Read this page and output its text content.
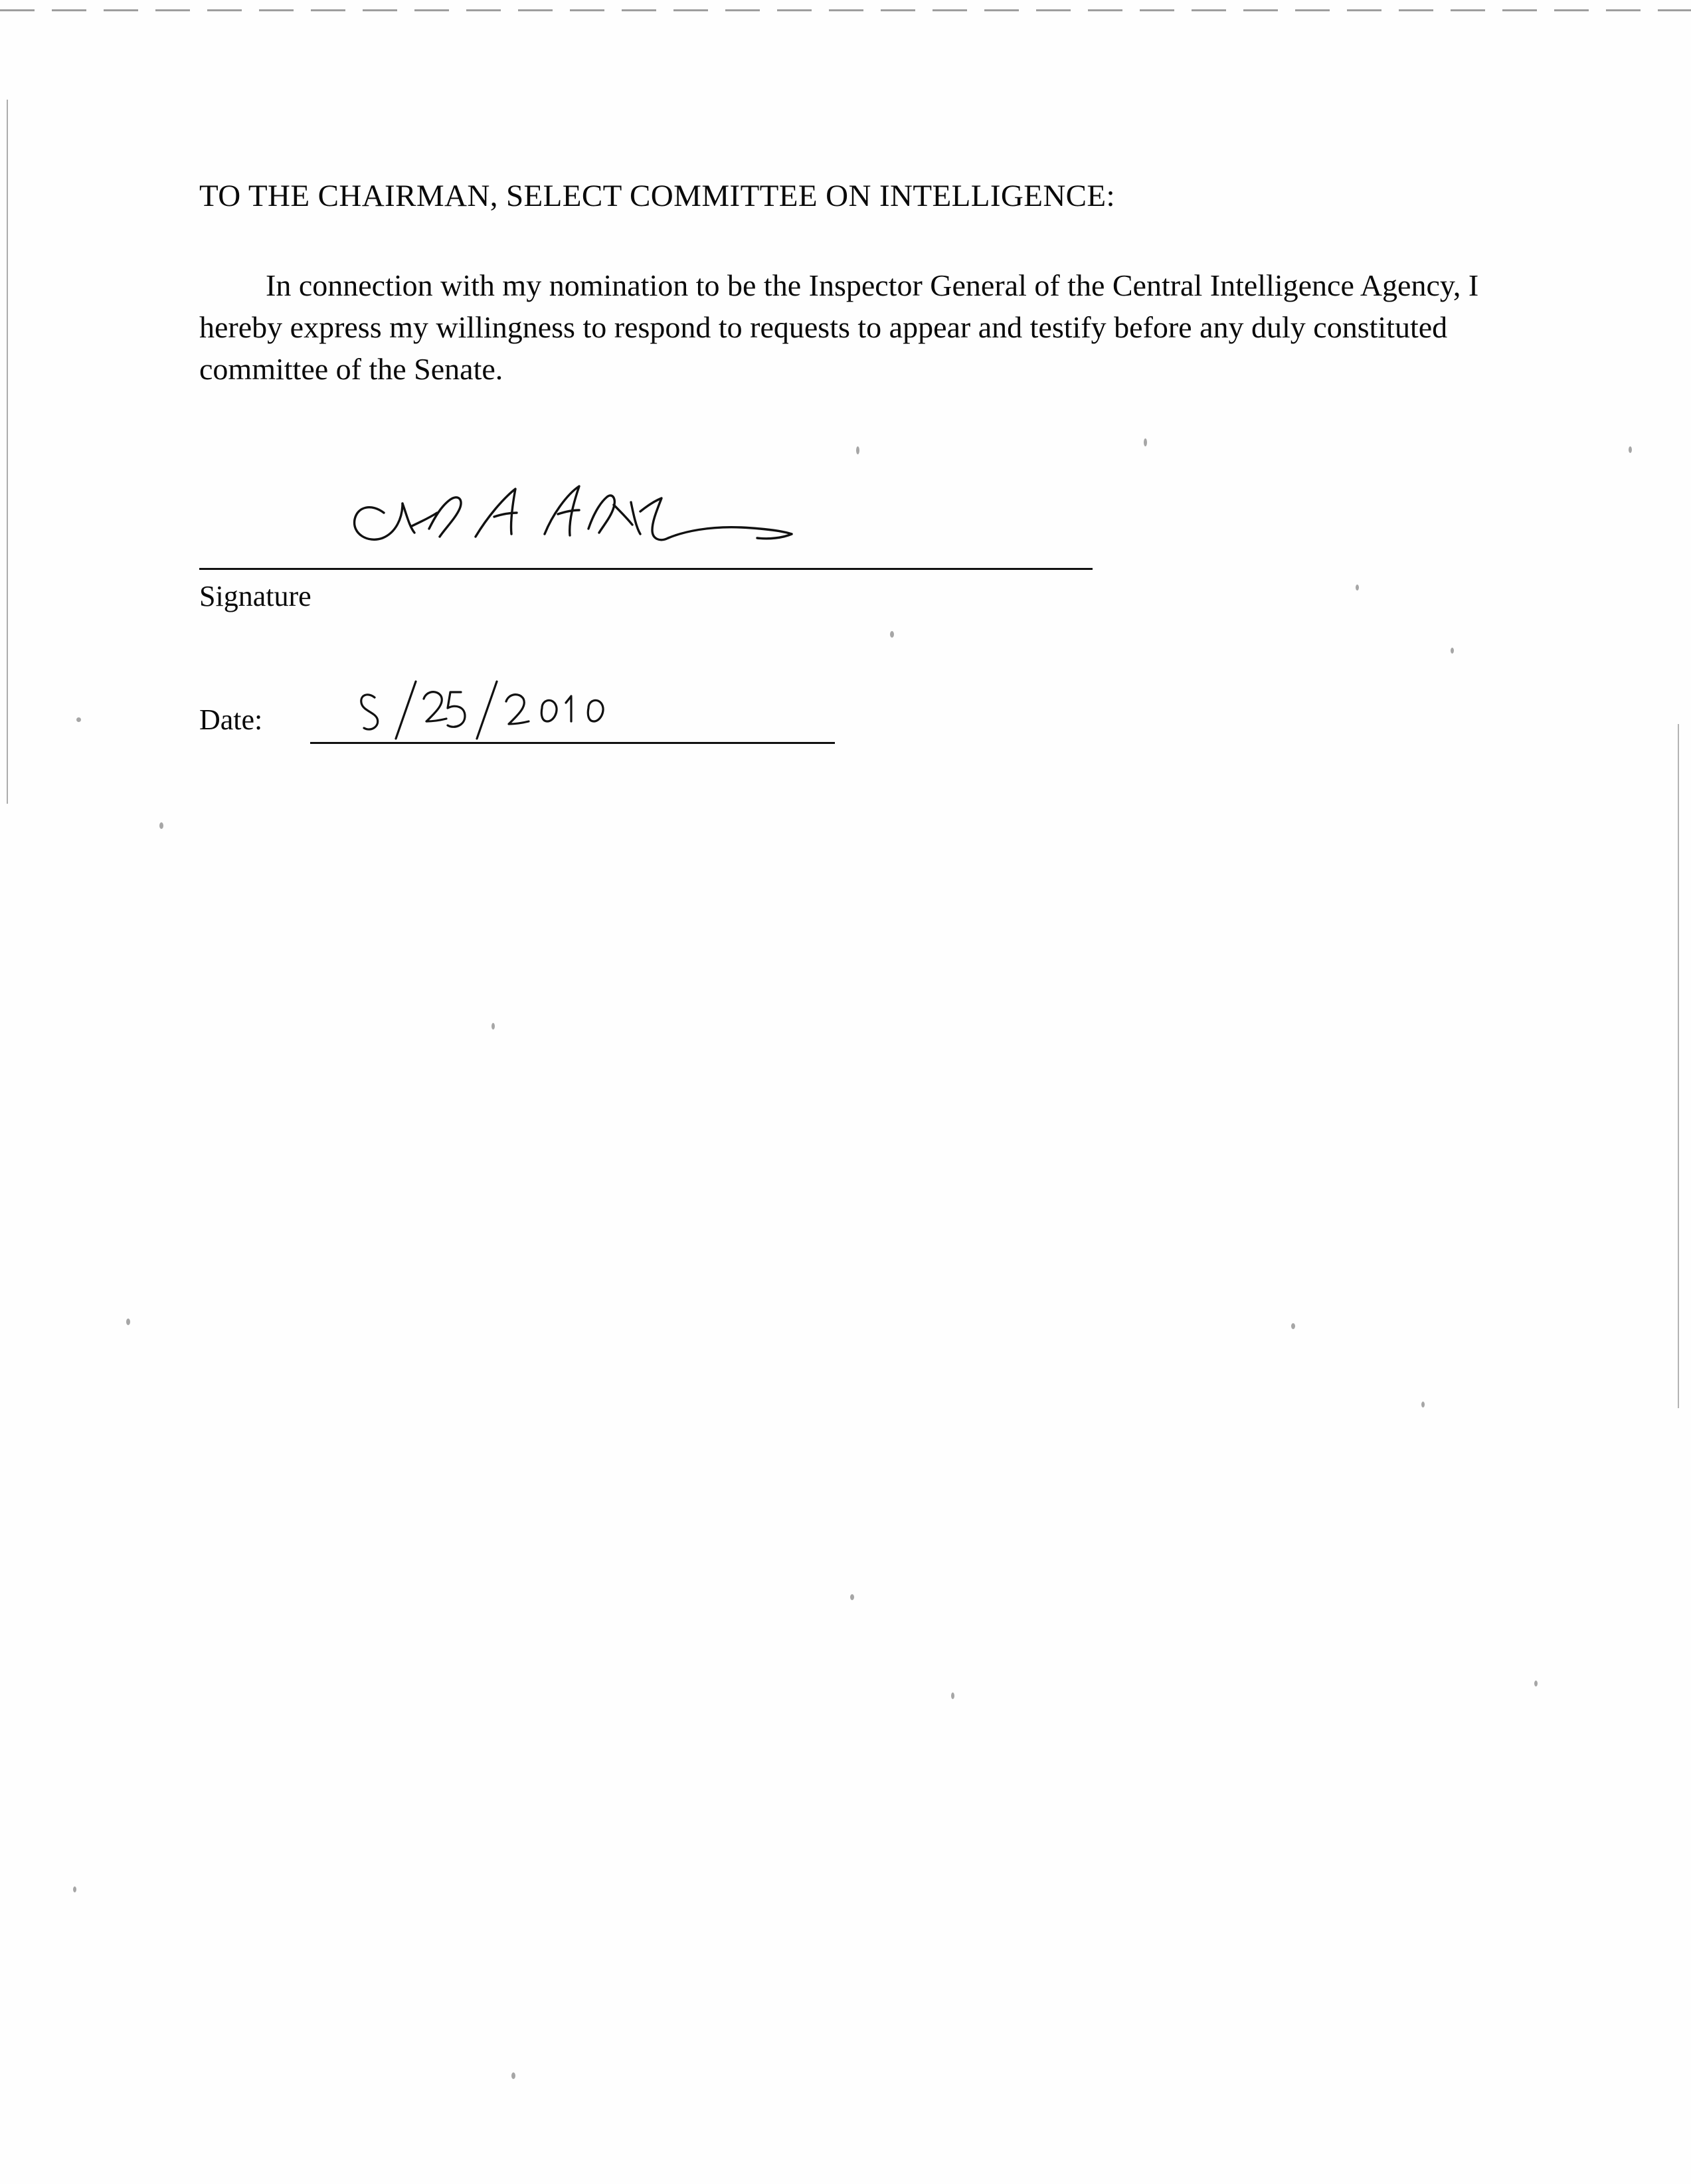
TO THE CHAIRMAN, SELECT COMMITTEE ON INTELLIGENCE:
In connection with my nomination to be the Inspector General of the Central Intelligence Agency, I hereby express my willingness to respond to requests to appear and testify before any duly constituted committee of the Senate.
Signature
Date:
